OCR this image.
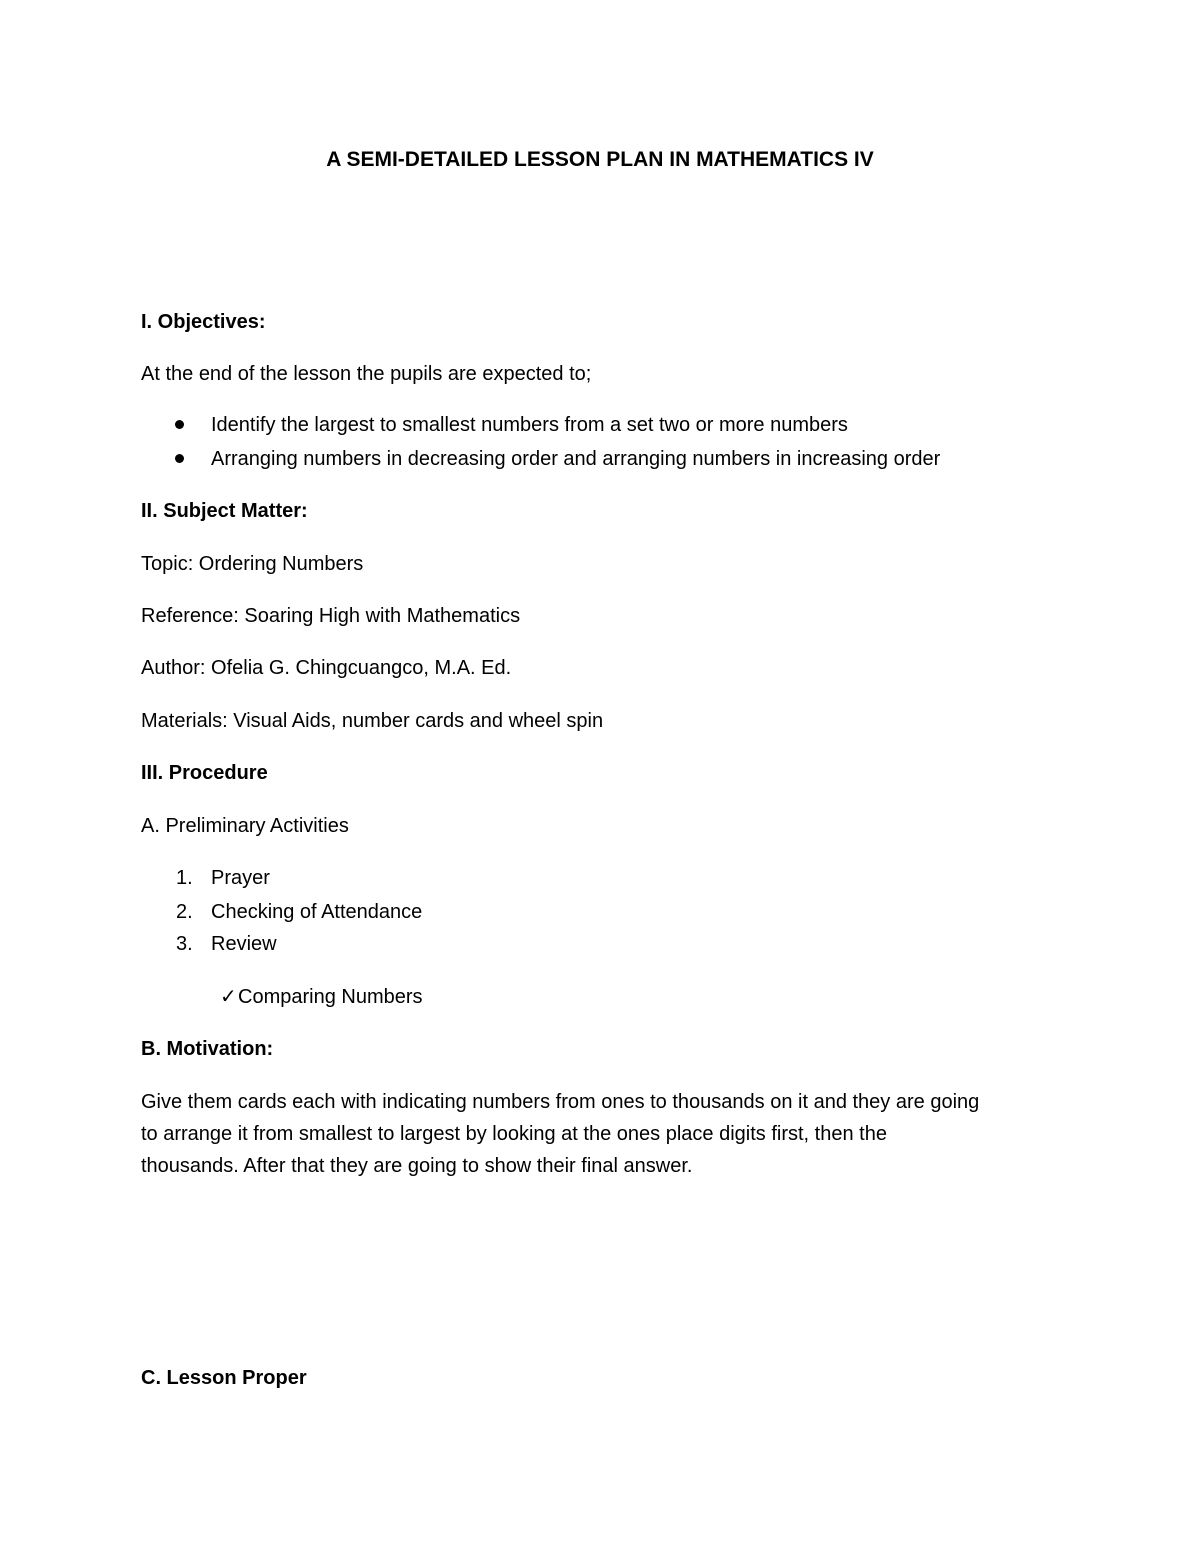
A SEMI-DETAILED LESSON PLAN IN MATHEMATICS IV
I. Objectives:
At the end of the lesson the pupils are expected to;
Identify the largest to smallest numbers from a set two or more numbers
Arranging numbers in decreasing order and arranging numbers in increasing order
II. Subject Matter:
Topic: Ordering Numbers
Reference: Soaring High with Mathematics
Author: Ofelia G. Chingcuangco, M.A. Ed.
Materials: Visual Aids, number cards and wheel spin
III. Procedure
A. Preliminary Activities
1. Prayer
2. Checking of Attendance
3. Review
✓ Comparing Numbers
B. Motivation:
Give them cards each with indicating numbers from ones to thousands on it and they are going
to arrange it from smallest to largest by looking at the ones place digits first, then the
thousands. After that they are going to show their final answer.
C. Lesson Proper
